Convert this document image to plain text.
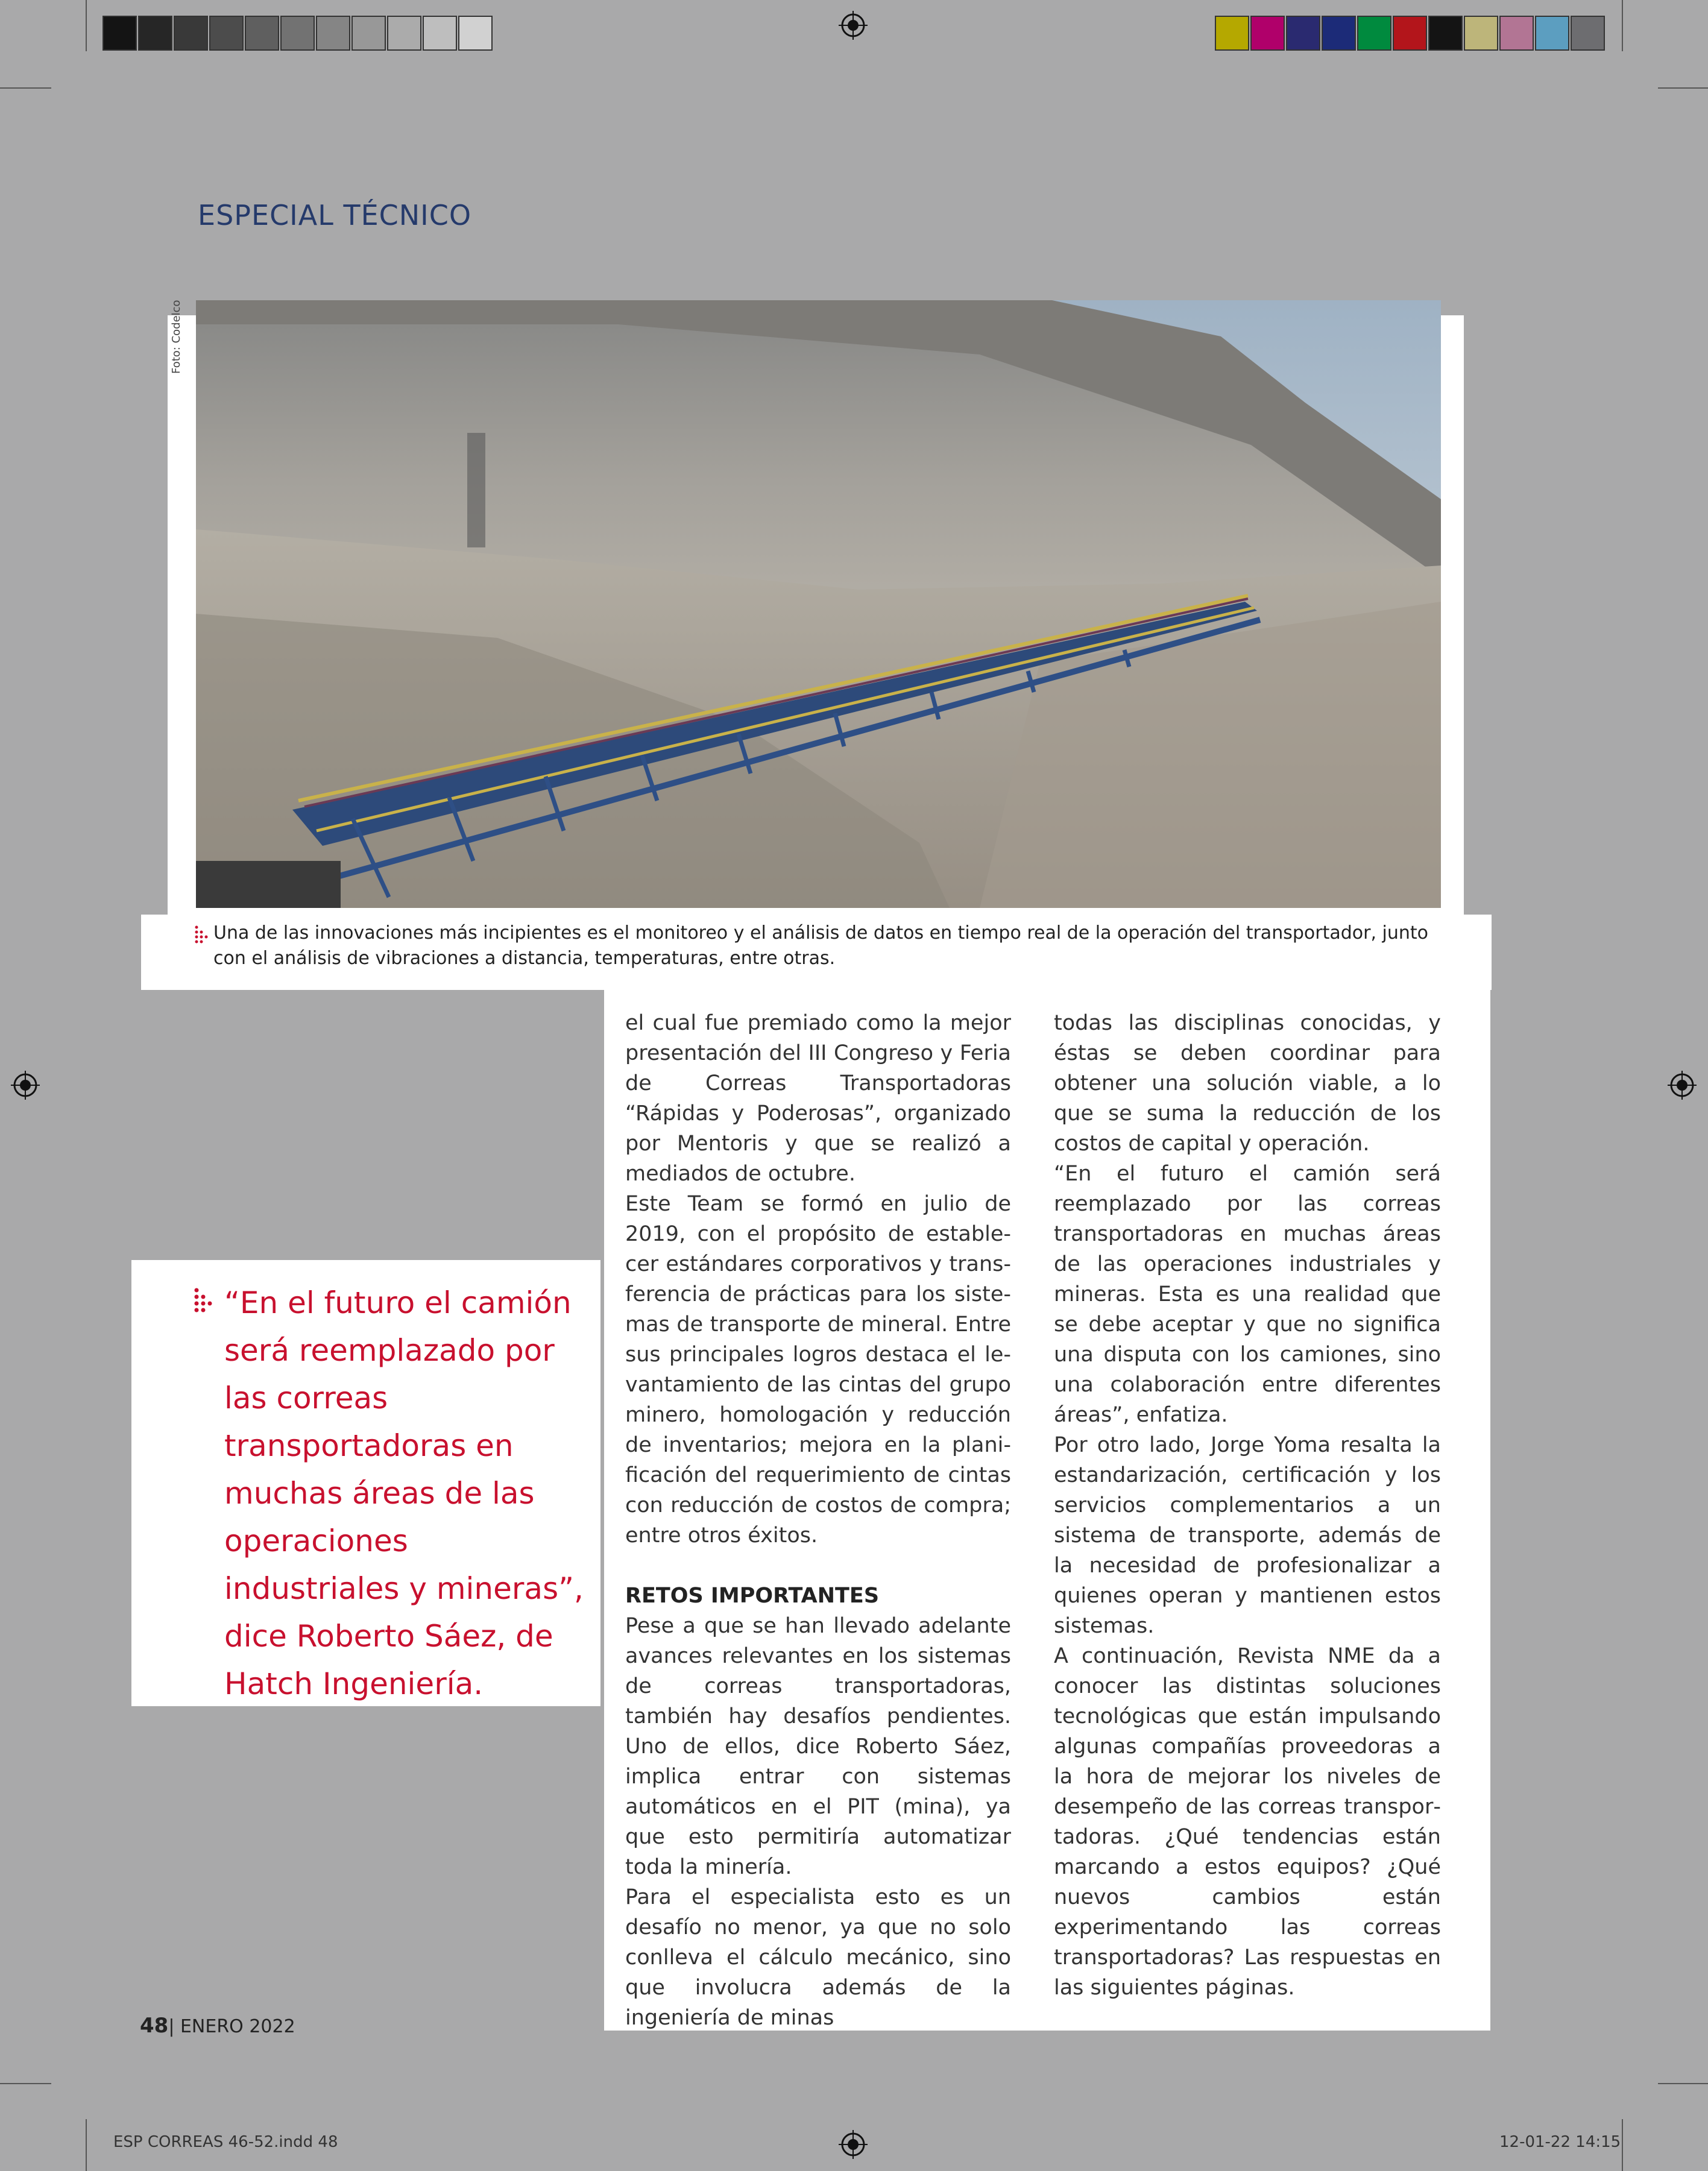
ESPECIAL TÉCNICO
Foto: Codelco
Una de las innovaciones más incipientes es el monitoreo y el análisis de datos en tiempo real de la operación del transportador, junto con el análisis de vibraciones a distancia, temperaturas, entre otras.
“En el futuro el camión será reemplazado por las correas transportadoras en muchas áreas de las operaciones industriales y mineras”, dice Roberto Sáez, de Hatch Ingeniería.

el cual fue premiado como la mejor presentación del III Congreso y Feria de Correas Transportadoras “Rápidas y Poderosas”, organizado por Mentoris y que se realizó a mediados de octubre.

Este Team se formó en julio de 2019, con el propósito de establecer estándares corporativos y transferencia de prácticas para los sistemas de transporte de mineral. Entre sus principales logros destaca el levantamiento de las cintas del grupo minero, homologación y reducción de inventarios; mejora en la planificación del requerimiento de cintas con reducción de costos de compra; entre otros éxitos.

RETOS IMPORTANTES

Pese a que se han llevado adelante avances relevantes en los sistemas de correas transportadoras, también hay desafíos pendientes. Uno de ellos, dice Roberto Sáez, implica entrar con sistemas automáticos en el PIT (mina), ya que esto permitiría automatizar toda la minería.

Para el especialista esto es un desafío no menor, ya que no solo conlleva el cálculo mecánico, sino que involucra además de la ingeniería de minas

todas las disciplinas conocidas, y éstas se deben coordinar para obtener una solución viable, a lo que se suma la reducción de los costos de capital y operación.

“En el futuro el camión será reemplazado por las correas transportadoras en muchas áreas de las operaciones industriales y mineras. Esta es una realidad que se debe aceptar y que no significa una disputa con los camiones, sino una colaboración entre diferentes áreas”, enfatiza.

Por otro lado, Jorge Yoma resalta la estandarización, certificación y los servicios complementarios a un sistema de transporte, además de la necesidad de profesionalizar a quienes operan y mantienen estos sistemas.

A continuación, Revista NME da a conocer las distintas soluciones tecnológicas que están impulsando algunas compañías proveedoras a la hora de mejorar los niveles de desempeño de las correas transportadoras. ¿Qué tendencias están marcando a estos equipos? ¿Qué nuevos cambios están experimentando las correas transportadoras? Las respuestas en las siguientes páginas.

48| ENERO 2022
ESP CORREAS 46-52.indd 48	12-01-22 14:15
